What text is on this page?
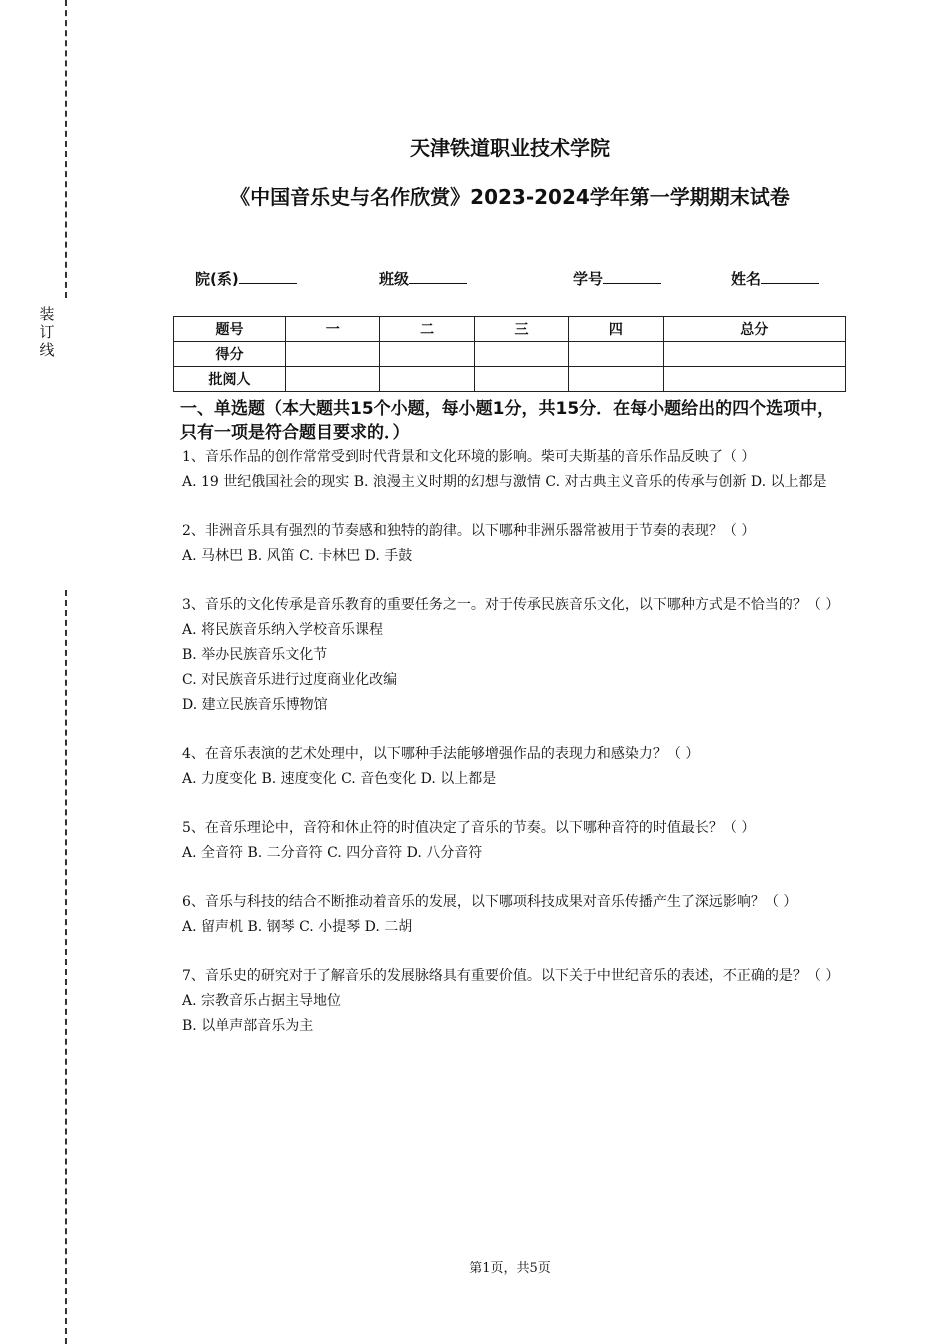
装
订
线
天津铁道职业技术学院
《中国音乐史与名作欣赏》2023-2024学年第一学期期末试卷
院(系)	班级	学号	姓名
题号	一	二	三	四	总分
得分					
批阅人					
一、单选题（本大题共15个小题，每小题1分，共15分．在每小题给出的四个选项中，只有一项是符合题目要求的．）

1、音乐作品的创作常常受到时代背景和文化环境的影响。柴可夫斯基的音乐作品反映了（ ）

A. 19 世纪俄国社会的现实 B. 浪漫主义时期的幻想与激情 C. 对古典主义音乐的传承与创新 D. 以上都是

2、非洲音乐具有强烈的节奏感和独特的韵律。以下哪种非洲乐器常被用于节奏的表现？（ ）

A. 马林巴 B. 风笛 C. 卡林巴 D. 手鼓

3、音乐的文化传承是音乐教育的重要任务之一。对于传承民族音乐文化，以下哪种方式是不恰当的？（ ）

A. 将民族音乐纳入学校音乐课程

B. 举办民族音乐文化节

C. 对民族音乐进行过度商业化改编

D. 建立民族音乐博物馆

4、在音乐表演的艺术处理中，以下哪种手法能够增强作品的表现力和感染力？（ ）

A. 力度变化 B. 速度变化 C. 音色变化 D. 以上都是

5、在音乐理论中，音符和休止符的时值决定了音乐的节奏。以下哪种音符的时值最长？（ ）

A. 全音符 B. 二分音符 C. 四分音符 D. 八分音符

6、音乐与科技的结合不断推动着音乐的发展，以下哪项科技成果对音乐传播产生了深远影响？（ ）

A. 留声机 B. 钢琴 C. 小提琴 D. 二胡

7、音乐史的研究对于了解音乐的发展脉络具有重要价值。以下关于中世纪音乐的表述，不正确的是？（ ）

A. 宗教音乐占据主导地位

B. 以单声部音乐为主

第1页，共5页
